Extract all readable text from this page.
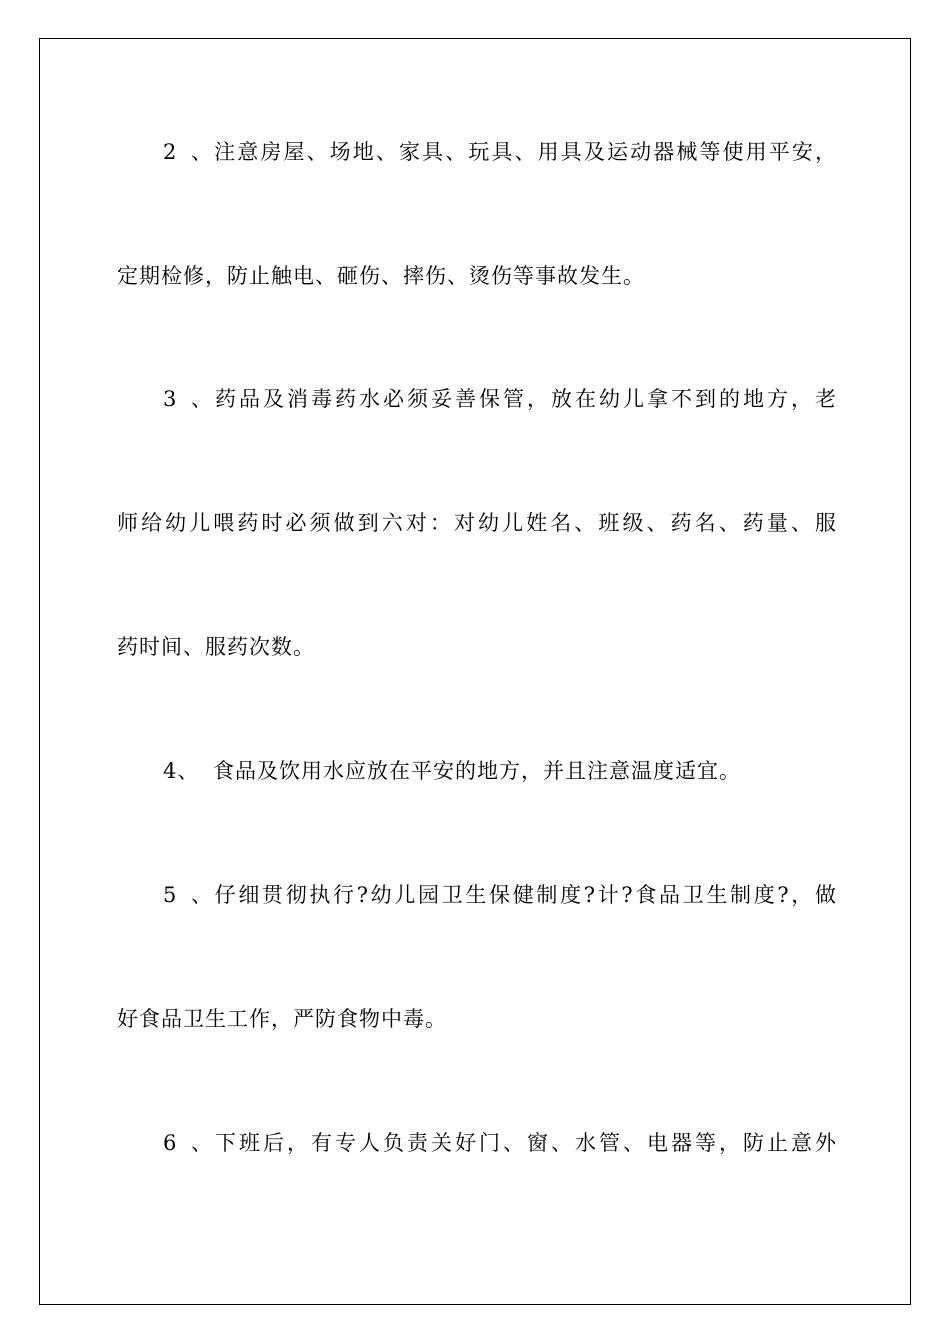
2、注意房屋、场地、家具、玩具、用具及运动器械等使用平安，
定期检修，防止触电、砸伤、摔伤、烫伤等事故发生。
3、药品及消毒药水必须妥善保管，放在幼儿拿不到的地方，老
师给幼儿喂药时必须做到六对：对幼儿姓名、班级、药名、药量、服
药时间、服药次数。
4、 食品及饮用水应放在平安的地方，并且注意温度适宜。
5、仔细贯彻执行?幼儿园卫生保健制度?计?食品卫生制度?，做
好食品卫生工作，严防食物中毒。
6、下班后，有专人负责关好门、窗、水管、电器等，防止意外
